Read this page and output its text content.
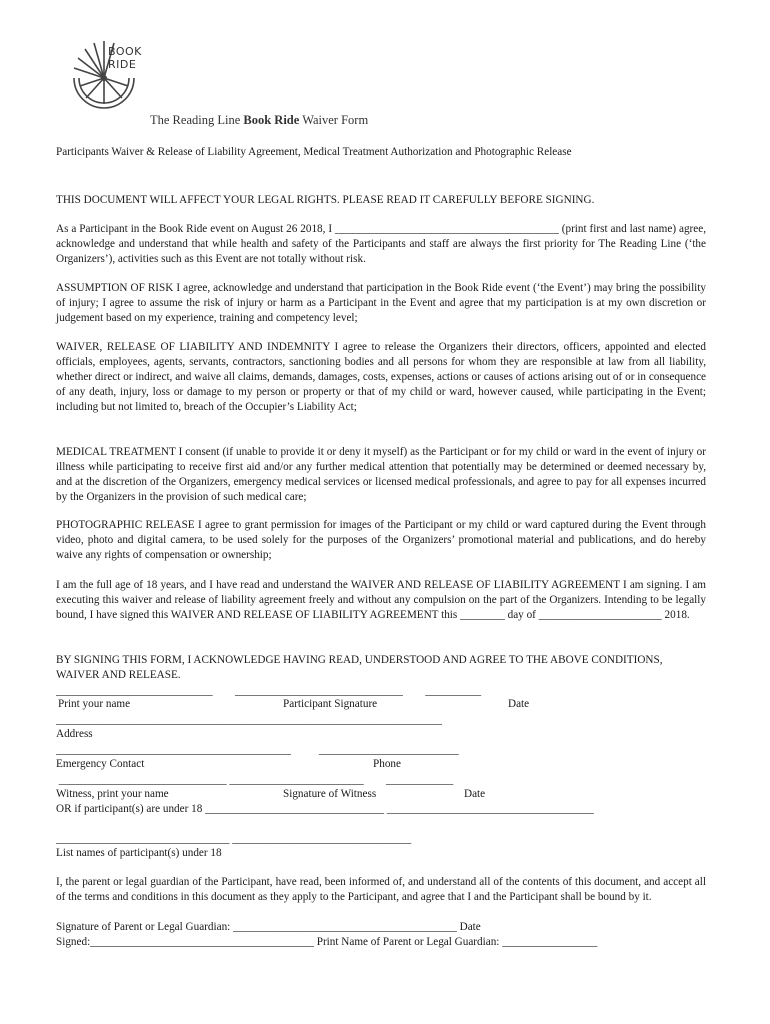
BOOK
RIDE
The Reading Line Book Ride Waiver Form
Participants Waiver & Release of Liability Agreement, Medical Treatment Authorization and Photographic Release
THIS DOCUMENT WILL AFFECT YOUR LEGAL RIGHTS. PLEASE READ IT CAREFULLY BEFORE SIGNING.
As a Participant in the Book Ride event on August 26 2018, I ________________________________________ (print first and last name) agree, acknowledge and understand that while health and safety of the Participants and staff are always the first priority for The Reading Line (‘the Organizers’), activities such as this Event are not totally without risk.
ASSUMPTION OF RISK I agree, acknowledge and understand that participation in the Book Ride event (‘the Event’) may bring the possibility of injury; I agree to assume the risk of injury or harm as a Participant in the Event and agree that my participation is at my own discretion or judgement based on my experience, training and competency level;
WAIVER, RELEASE OF LIABILITY AND INDEMNITY I agree to release the Organizers their directors, officers, appointed and elected officials, employees, agents, servants, contractors, sanctioning bodies and all persons for whom they are responsible at law from all liability, whether direct or indirect, and waive all claims, demands, damages, costs, expenses, actions or causes of actions arising out of or in consequence of any death, injury, loss or damage to my person or property or that of my child or ward, however caused, while participating in the Event; including but not limited to, breach of the Occupier’s Liability Act;
MEDICAL TREATMENT I consent (if unable to provide it or deny it myself) as the Participant or for my child or ward in the event of injury or illness while participating to receive first aid and/or any further medical attention that potentially may be determined or deemed necessary by, and at the discretion of the Organizers, emergency medical services or licensed medical professionals, and agree to pay for all expenses incurred by the Organizers in the provision of such medical care;
PHOTOGRAPHIC RELEASE I agree to grant permission for images of the Participant or my child or ward captured during the Event through video, photo and digital camera, to be used solely for the purposes of the Organizers’ promotional material and publications, and do hereby waive any rights of compensation or ownership;
I am the full age of 18 years, and I have read and understand the WAIVER AND RELEASE OF LIABILITY AGREEMENT I am signing. I am executing this waiver and release of liability agreement freely and without any compulsion on the part of the Organizers. Intending to be legally bound, I have signed this WAIVER AND RELEASE OF LIABILITY AGREEMENT this ________ day of ______________________ 2018.
BY SIGNING THIS FORM, I ACKNOWLEDGE HAVING READ, UNDERSTOOD AND AGREE TO THE ABOVE CONDITIONS, WAIVER AND RELEASE.
____________________________        ______________________________        __________
Print your name	Participant Signature	Date
_____________________________________________________________________
Address
__________________________________________          _________________________
Emergency Contact	Phone
______________________________ ________________________        ____________
Witness, print your name	Signature of Witness	Date
OR if participant(s) are under 18 ________________________________ _____________________________________
_______________________________ ________________________________
List names of participant(s) under 18
I, the parent or legal guardian of the Participant, have read, been informed of, and understand all of the contents of this document, and accept all of the terms and conditions in this document as they apply to the Participant, and agree that I and the Participant shall be bound by it.
Signature of Parent or Legal Guardian: ________________________________________ Date
Signed:________________________________________ Print Name of Parent or Legal Guardian: _________________
